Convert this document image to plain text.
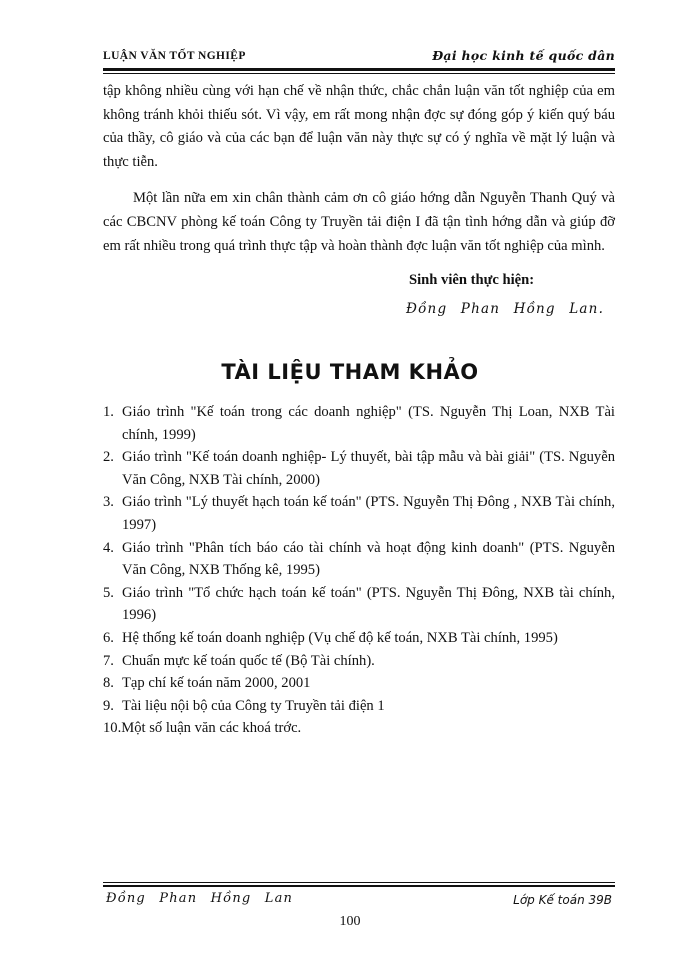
LUẬN VĂN TỐT NGHIỆP	Đại học kinh tế quốc dân

tập không nhiều cùng với hạn chế về nhận thức, chắc chắn luận văn tốt nghiệp của em không tránh khỏi thiếu sót. Vì vậy, em rất mong nhận đợc sự đóng góp ý kiến quý báu của thầy, cô giáo và của các bạn để luận văn này thực sự có ý nghĩa về mặt lý luận và thực tiễn.

Một lần nữa em xin chân thành cảm ơn cô giáo hớng dẫn Nguyễn Thanh Quý và các CBCNV phòng kế toán Công ty Truyền tải điện I đã tận tình hớng dẫn và giúp đỡ em rất nhiều trong quá trình thực tập và hoàn thành đợc luận văn tốt nghiệp của mình.

Sinh viên thực hiện:
Đồng Phan Hồng Lan.
TÀI LIỆU THAM KHẢO
1. Giáo trình "Kế toán trong các doanh nghiệp" (TS. Nguyễn Thị Loan, NXB Tài chính, 1999)
2. Giáo trình "Kế toán doanh nghiệp- Lý thuyết, bài tập mẫu và bài giải" (TS. Nguyễn Văn Công, NXB Tài chính, 2000)
3. Giáo trình "Lý thuyết hạch toán kế toán" (PTS. Nguyễn Thị Đông , NXB Tài chính, 1997)
4. Giáo trình "Phân tích báo cáo tài chính và hoạt động kinh doanh" (PTS. Nguyễn Văn Công, NXB Thống kê, 1995)
5. Giáo trình "Tổ chức hạch toán kế toán" (PTS. Nguyễn Thị Đông, NXB tài chính, 1996)
6. Hệ thống kế toán doanh nghiệp (Vụ chế độ kế toán, NXB Tài chính, 1995)
7. Chuẩn mực kế toán quốc tế (Bộ Tài chính).
8. Tạp chí kế toán năm 2000, 2001
9. Tài liệu nội bộ của Công ty Truyền tải điện 1
10.Một số luận văn các khoá trớc.
Đồng Phan Hồng Lan	Lớp Kế toán 39B
100
